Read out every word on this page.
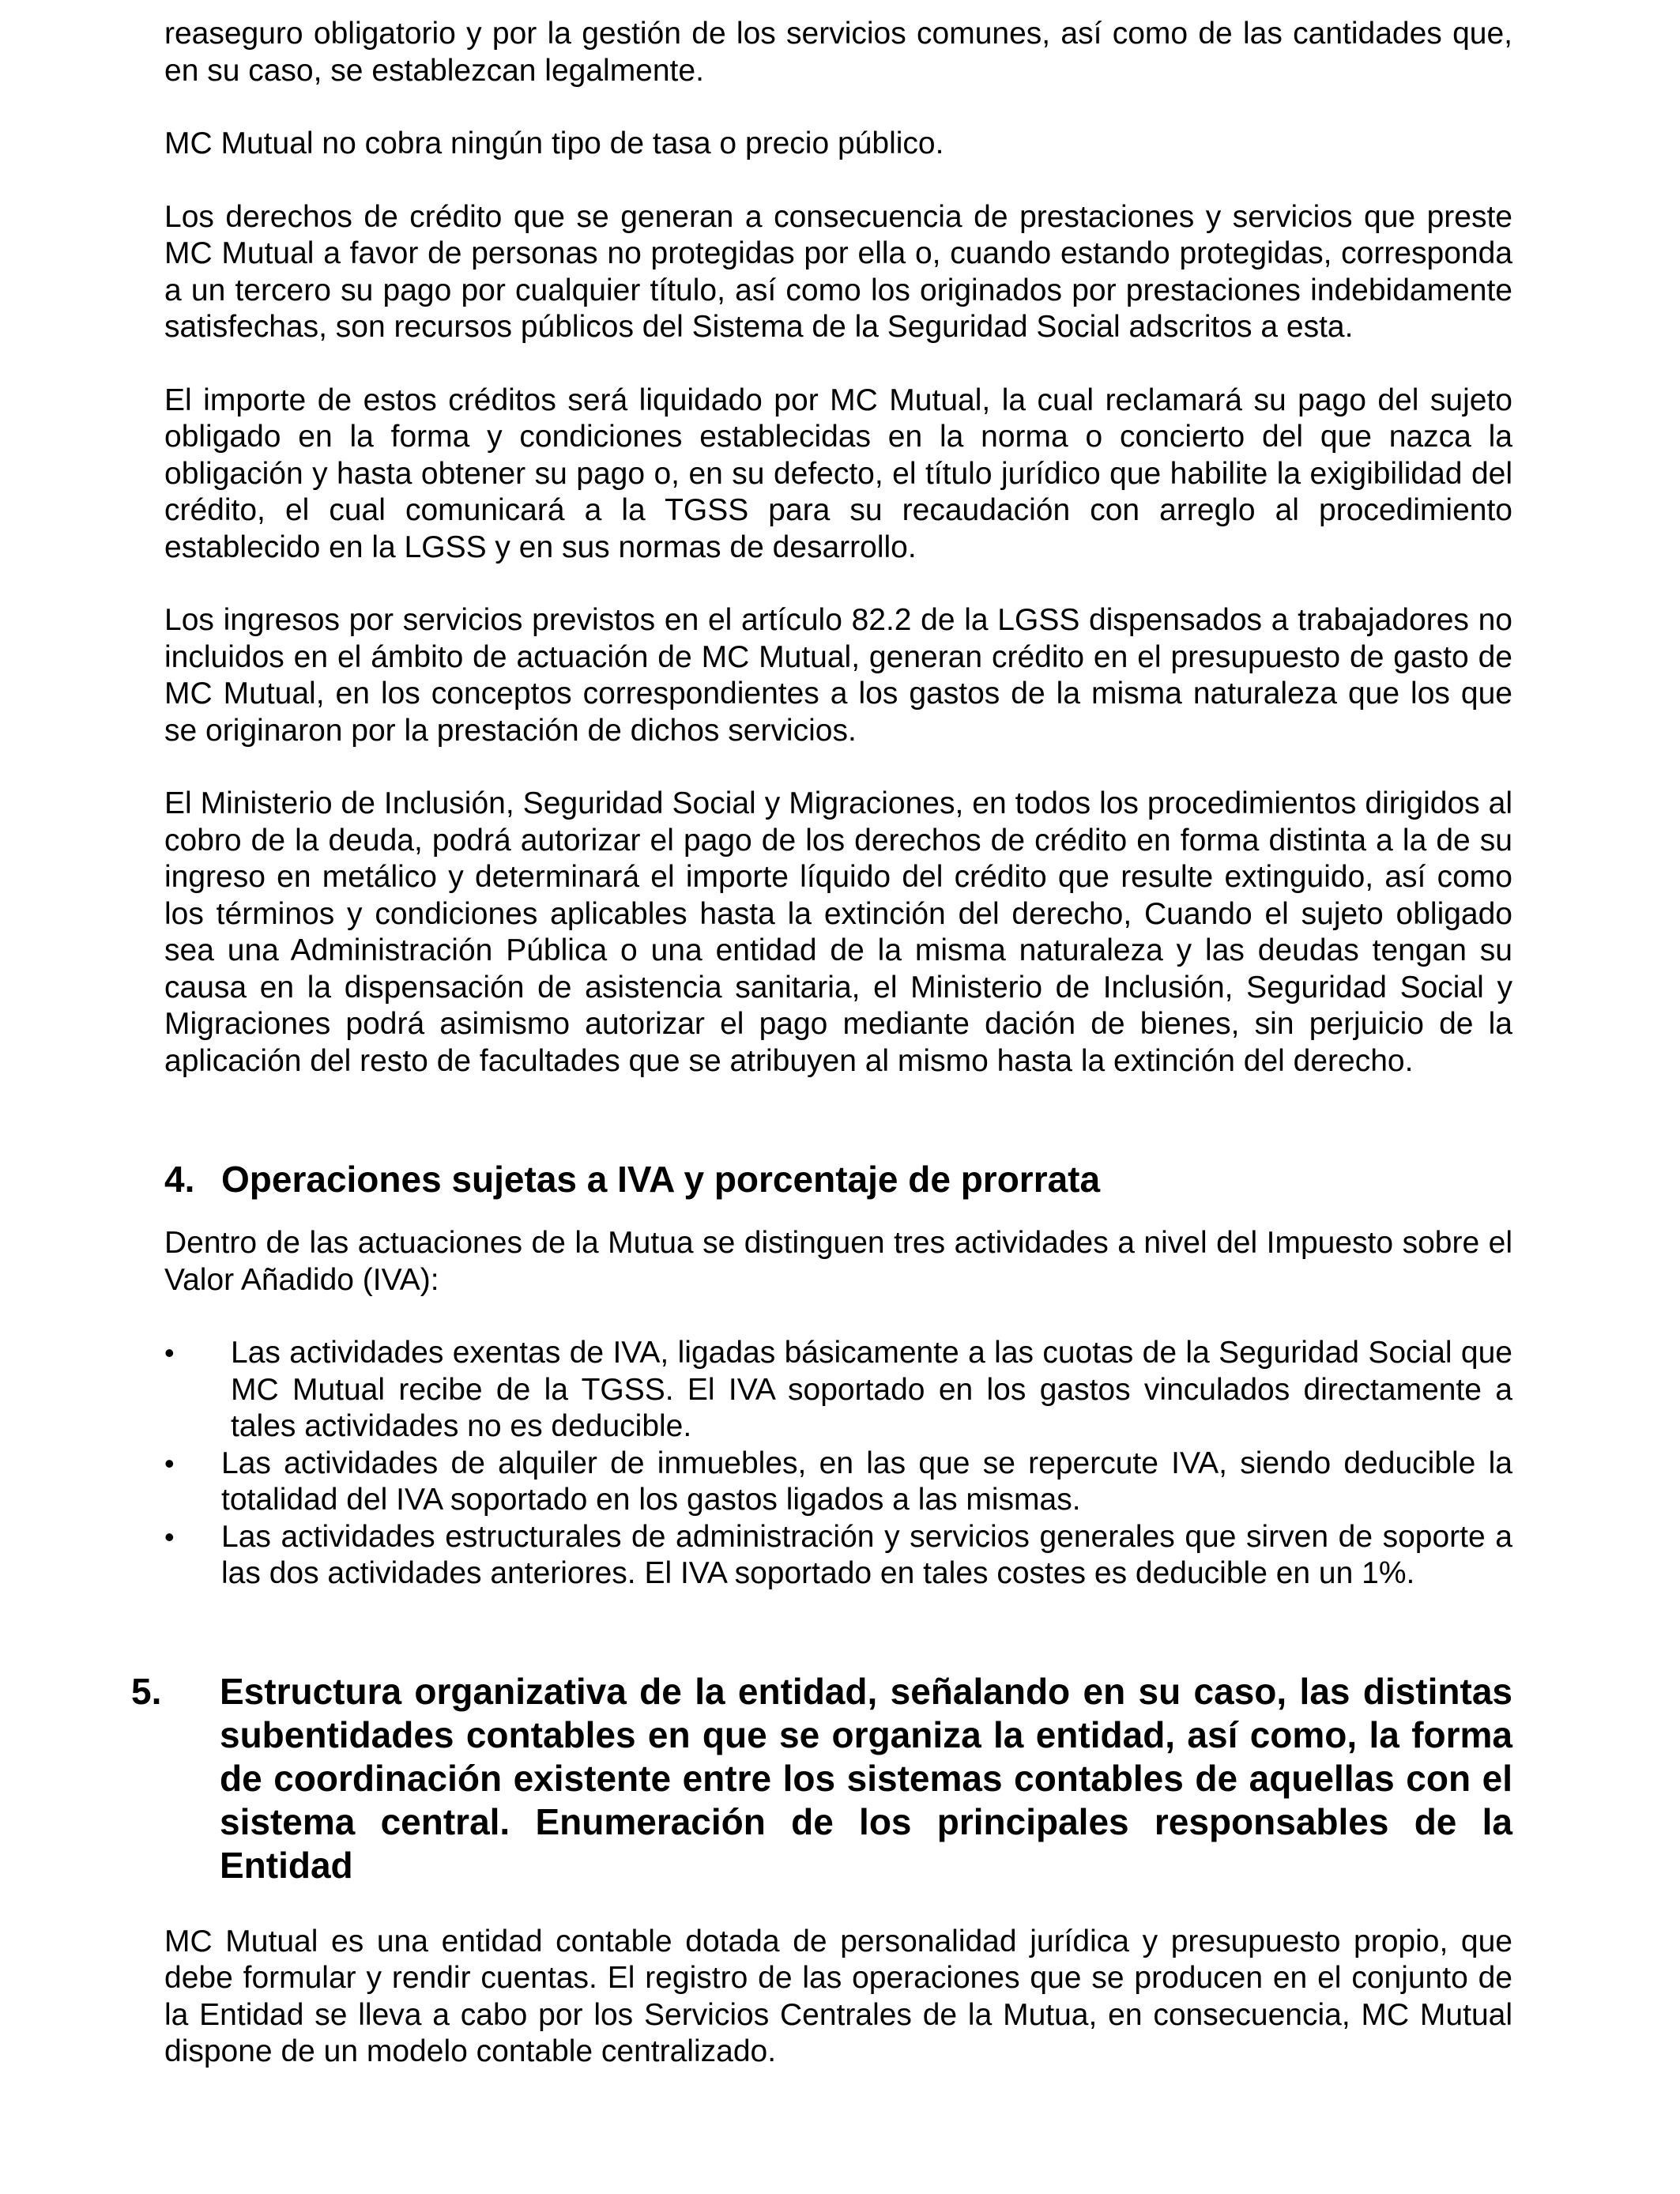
reaseguro obligatorio y por la gestión de los servicios comunes, así como de las cantidades que, en su caso, se establezcan legalmente.

MC Mutual no cobra ningún tipo de tasa o precio público.

Los derechos de crédito que se generan a consecuencia de prestaciones y servicios que preste MC Mutual a favor de personas no protegidas por ella o, cuando estando protegidas, corresponda a un tercero su pago por cualquier título, así como los originados por prestaciones indebidamente satisfechas, son recursos públicos del Sistema de la Seguridad Social adscritos a esta.

El importe de estos créditos será liquidado por MC Mutual, la cual reclamará su pago del sujeto obligado en la forma y condiciones establecidas en la norma o concierto del que nazca la obligación y hasta obtener su pago o, en su defecto, el título jurídico que habilite la exigibilidad del crédito, el cual comunicará a la TGSS para su recaudación con arreglo al procedimiento establecido en la LGSS y en sus normas de desarrollo.

Los ingresos por servicios previstos en el artículo 82.2 de la LGSS dispensados a trabajadores no incluidos en el ámbito de actuación de MC Mutual, generan crédito en el presupuesto de gasto de MC Mutual, en los conceptos correspondientes a los gastos de la misma naturaleza que los que se originaron por la prestación de dichos servicios.

El Ministerio de Inclusión, Seguridad Social y Migraciones, en todos los procedimientos dirigidos al cobro de la deuda, podrá autorizar el pago de los derechos de crédito en forma distinta a la de su ingreso en metálico y determinará el importe líquido del crédito que resulte extinguido, así como los términos y condiciones aplicables hasta la extinción del derecho, Cuando el sujeto obligado sea una Administración Pública o una entidad de la misma naturaleza y las deudas tengan su causa en la dispensación de asistencia sanitaria, el Ministerio de Inclusión, Seguridad Social y Migraciones podrá asimismo autorizar el pago mediante dación de bienes, sin perjuicio de la aplicación del resto de facultades que se atribuyen al mismo hasta la extinción del derecho.

4. Operaciones sujetas a IVA y porcentaje de prorrata

Dentro de las actuaciones de la Mutua se distinguen tres actividades a nivel del Impuesto sobre el Valor Añadido (IVA):

• Las actividades exentas de IVA, ligadas básicamente a las cuotas de la Seguridad Social que MC Mutual recibe de la TGSS. El IVA soportado en los gastos vinculados directamente a tales actividades no es deducible.
• Las actividades de alquiler de inmuebles, en las que se repercute IVA, siendo deducible la totalidad del IVA soportado en los gastos ligados a las mismas.
• Las actividades estructurales de administración y servicios generales que sirven de soporte a las dos actividades anteriores. El IVA soportado en tales costes es deducible en un 1%.
5. Estructura organizativa de la entidad, señalando en su caso, las distintas subentidades contables en que se organiza la entidad, así como, la forma de coordinación existente entre los sistemas contables de aquellas con el sistema central. Enumeración de los principales responsables de la Entidad

MC Mutual es una entidad contable dotada de personalidad jurídica y presupuesto propio, que debe formular y rendir cuentas. El registro de las operaciones que se producen en el conjunto de la Entidad se lleva a cabo por los Servicios Centrales de la Mutua, en consecuencia, MC Mutual dispone de un modelo contable centralizado.
